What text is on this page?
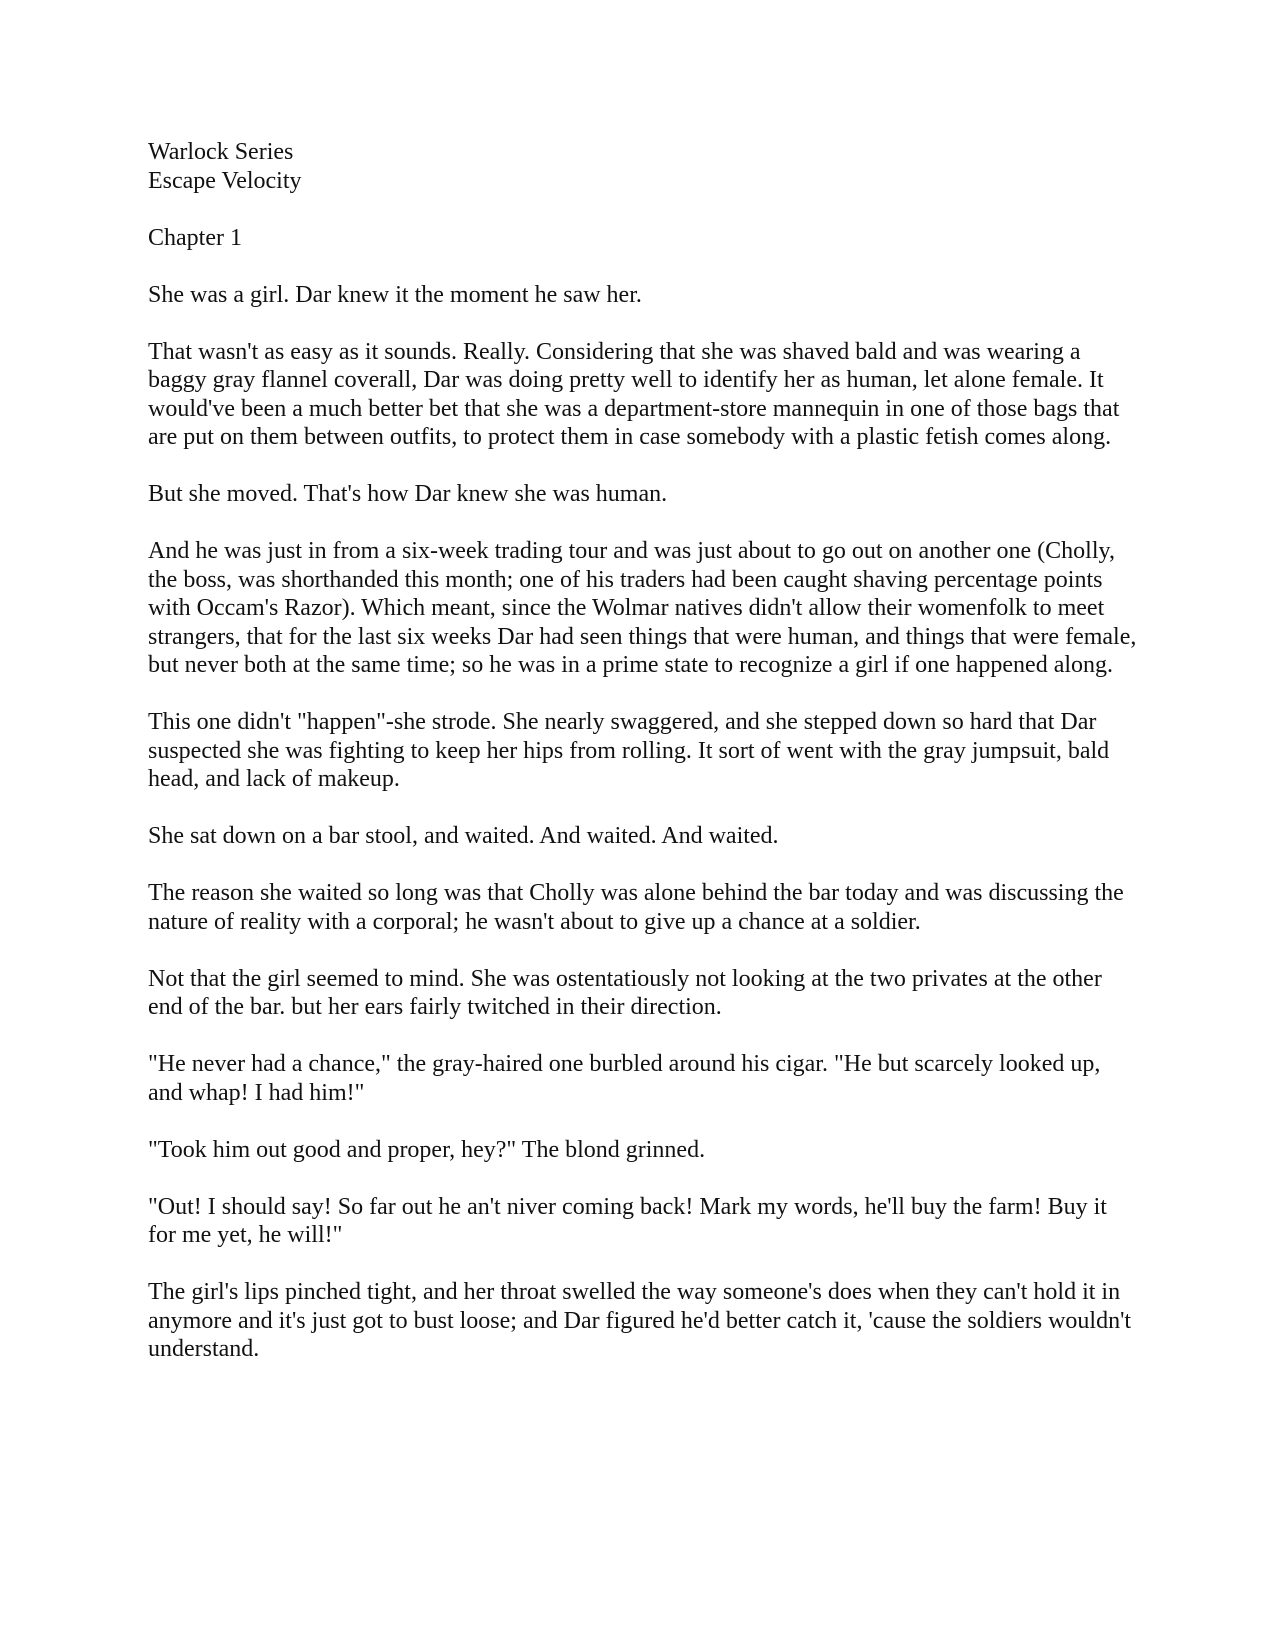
Warlock Series
Escape Velocity

Chapter 1

She was a girl. Dar knew it the moment he saw her.

That wasn't as easy as it sounds. Really. Considering that she was shaved bald and was wearing a baggy gray flannel coverall, Dar was doing pretty well to identify her as human, let alone female. It would've been a much better bet that she was a department-store mannequin in one of those bags that are put on them between outfits, to protect them in case somebody with a plastic fetish comes along.

But she moved. That's how Dar knew she was human.

And he was just in from a six-week trading tour and was just about to go out on another one (Cholly, the boss, was shorthanded this month; one of his traders had been caught shaving percentage points with Occam's Razor). Which meant, since the Wolmar natives didn't allow their womenfolk to meet strangers, that for the last six weeks Dar had seen things that were human, and things that were female, but never both at the same time; so he was in a prime state to recognize a girl if one happened along.

This one didn't "happen"-she strode. She nearly swaggered, and she stepped down so hard that Dar suspected she was fighting to keep her hips from rolling. It sort of went with the gray jumpsuit, bald head, and lack of makeup.

She sat down on a bar stool, and waited. And waited. And waited.

The reason she waited so long was that Cholly was alone behind the bar today and was discussing the nature of reality with a corporal; he wasn't about to give up a chance at a soldier.

Not that the girl seemed to mind. She was ostentatiously not looking at the two privates at the other end of the bar. but her ears fairly twitched in their direction.

"He never had a chance," the gray-haired one burbled around his cigar. "He but scarcely looked up, and whap! I had him!"

"Took him out good and proper, hey?" The blond grinned.

"Out! I should say! So far out he an't niver coming back! Mark my words, he'll buy the farm! Buy it for me yet, he will!"

The girl's lips pinched tight, and her throat swelled the way someone's does when they can't hold it in anymore and it's just got to bust loose; and Dar figured he'd better catch it, 'cause the soldiers wouldn't understand.
